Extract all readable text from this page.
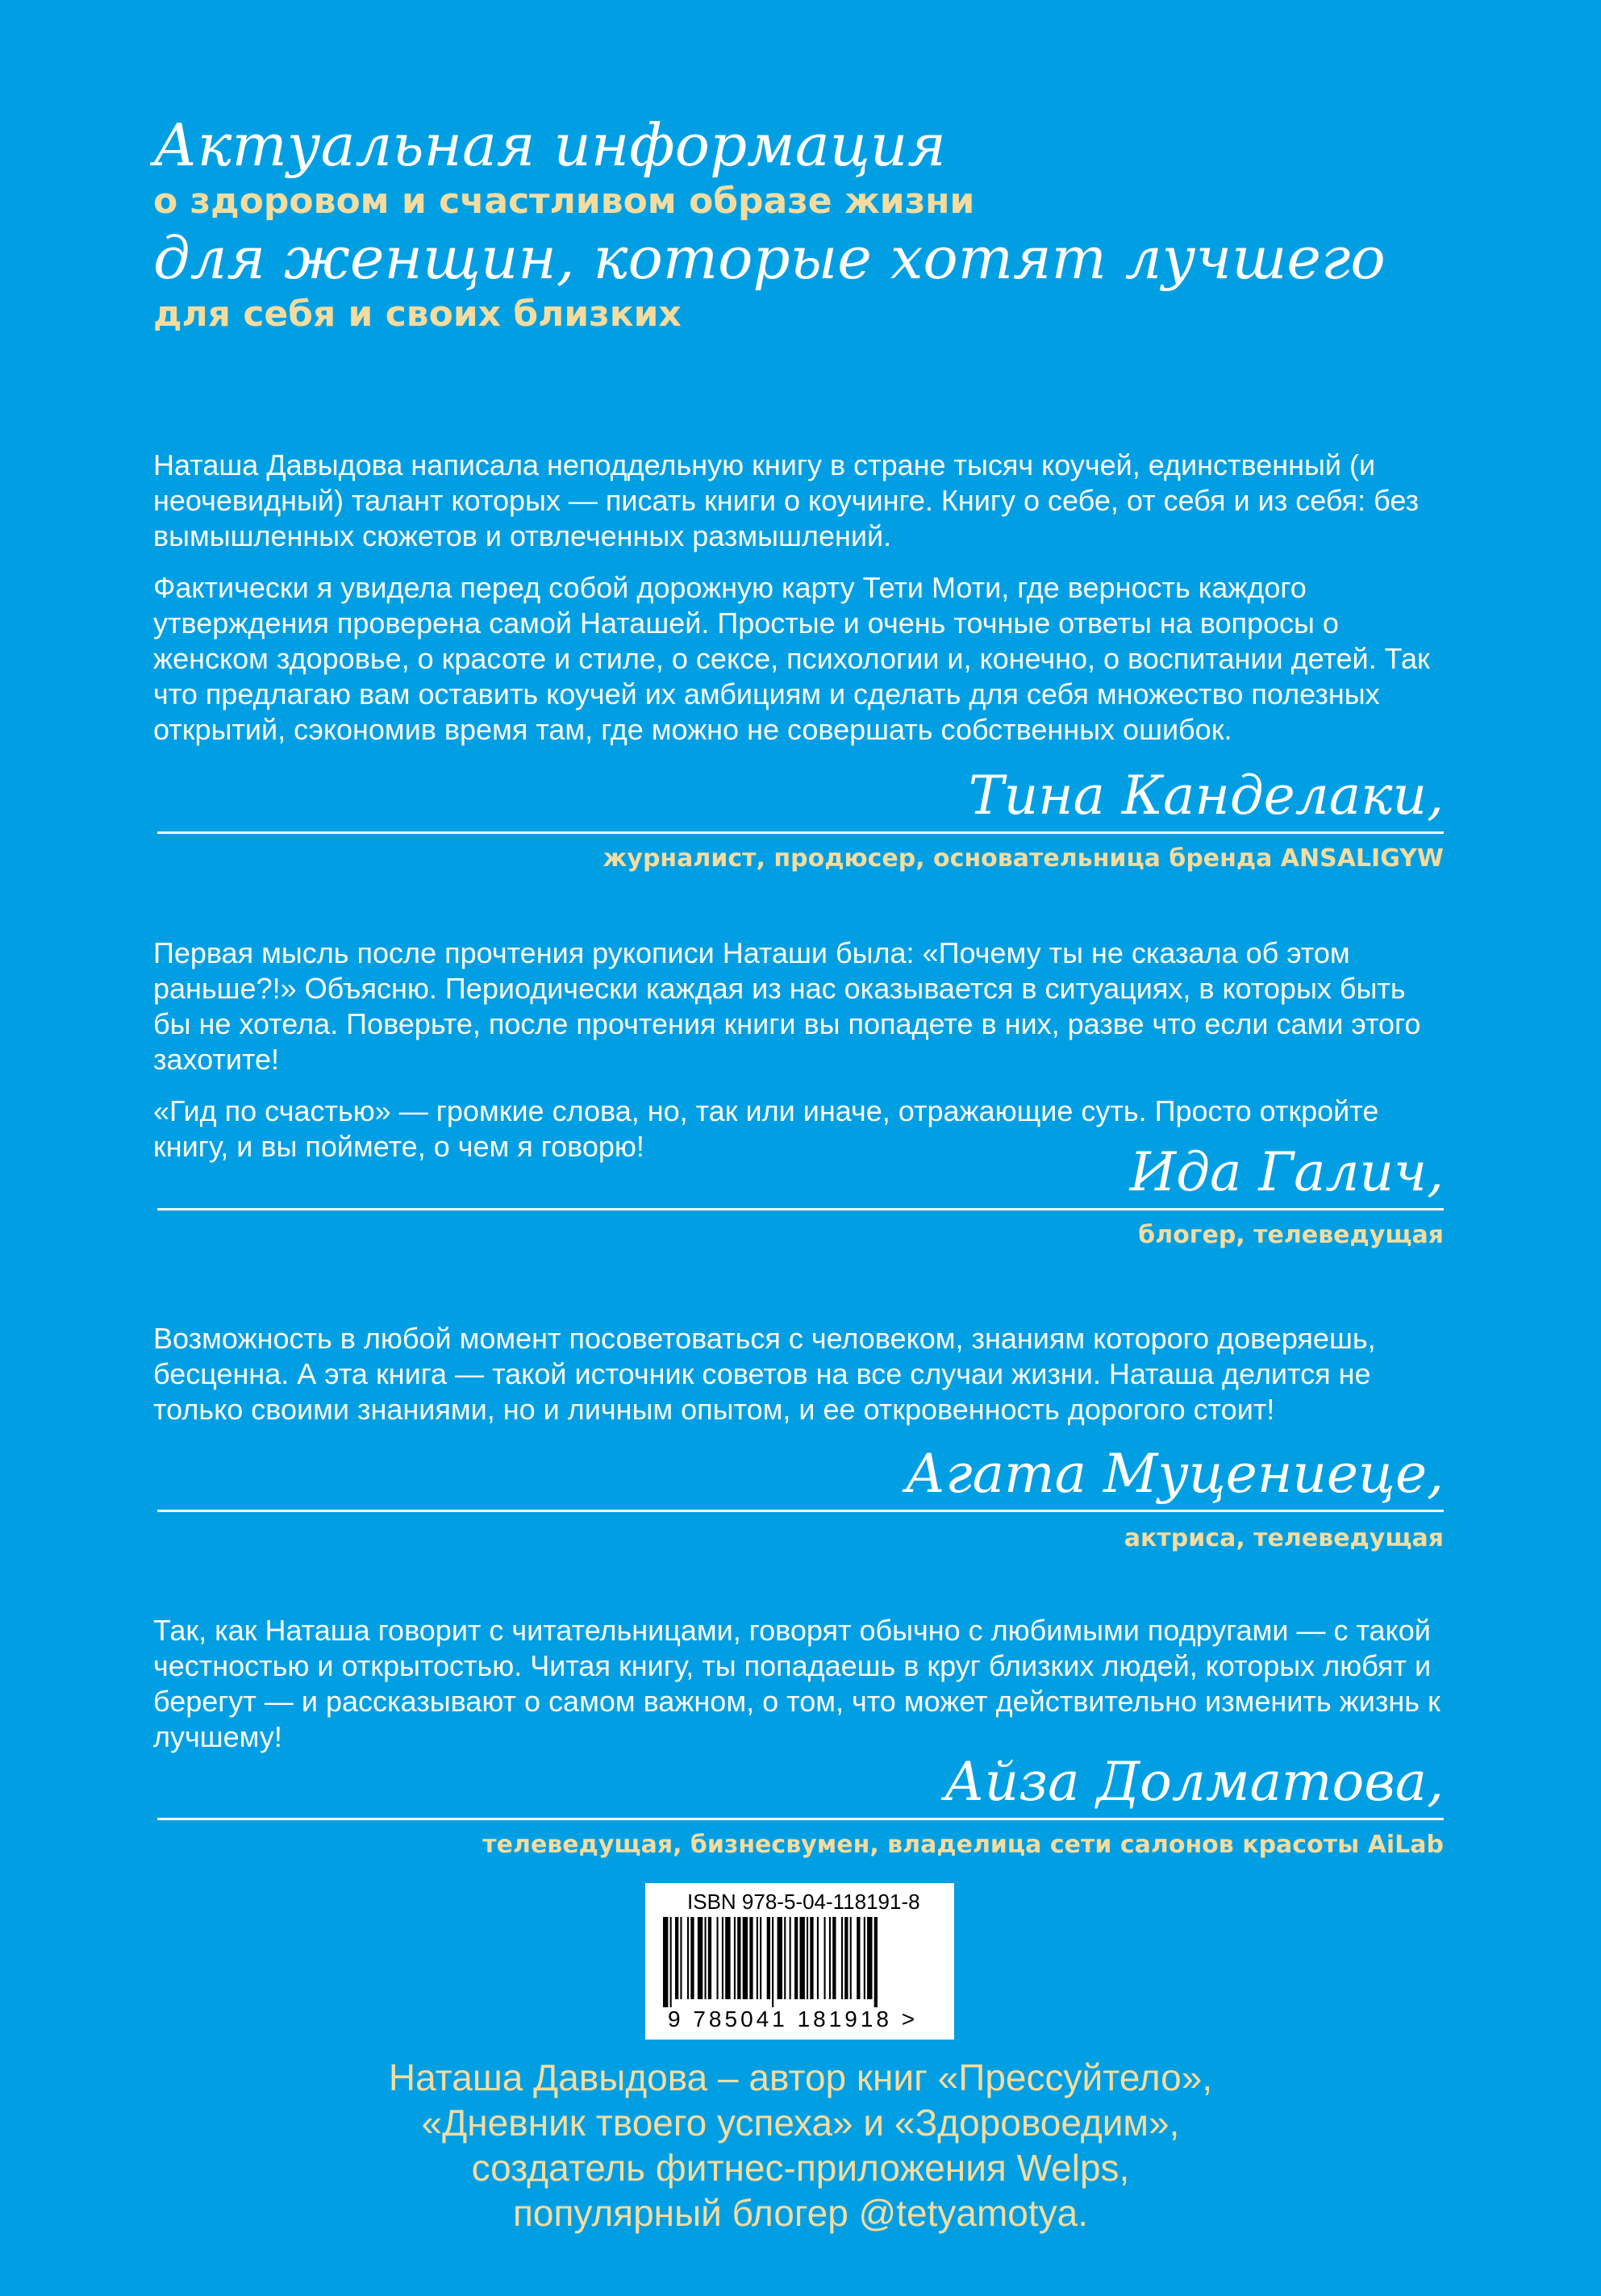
Актуальная информация
о здоровом и счастливом образе жизни
для женщин, которые хотят лучшего
для себя и своих близких

Наташа Давыдова написала неподдельную книгу в стране тысяч коучей, единственный (и неочевидный) талант которых — писать книги о коучинге. Книгу о себе, от себя и из себя: без вымышленных сюжетов и отвлеченных размышлений.

Фактически я увидела перед собой дорожную карту Тети Моти, где верность каждого утверждения проверена самой Наташей. Простые и очень точные ответы на вопросы о женском здоровье, о красоте и стиле, о сексе, психологии и, конечно, о воспитании детей. Так что предлагаю вам оставить коучей их амбициям и сделать для себя множество полезных открытий, сэкономив время там, где можно не совершать собственных ошибок.

Тина Канделаки,
журналист, продюсер, основательница бренда ANSALIGYW

Первая мысль после прочтения рукописи Наташи была: «Почему ты не сказала об этом раньше?!» Объясню. Периодически каждая из нас оказывается в ситуациях, в которых быть бы не хотела. Поверьте, после прочтения книги вы попадете в них, разве что если сами этого захотите!

«Гид по счастью» — громкие слова, но, так или иначе, отражающие суть. Просто откройте книгу, и вы поймете, о чем я говорю!	Ида Галич,
блогер, телеведущая

Возможность в любой момент посоветоваться с человеком, знаниям которого доверяешь, бесценна. А эта книга — такой источник советов на все случаи жизни. Наташа делится не только своими знаниями, но и личным опытом, и ее откровенность дорогого стоит!

Агата Муцениеце,
актриса, телеведущая

Так, как Наташа говорит с читательницами, говорят обычно с любимыми подругами — с такой честностью и открытостью. Читая книгу, ты попадаешь в круг близких людей, которых любят и берегут — и рассказывают о самом важном, о том, что может действительно изменить жизнь к лучшему!

Айза Долматова,
телеведущая, бизнесвумен, владелица сети салонов красоты AiLab
ISBN 978-5-04-118191-8
9 785041 181918 >
Наташа Давыдова – автор книг «Прессуйтело»,
«Дневник твоего успеха» и «Здоровоедим»,
создатель фитнес-приложения Welps,
популярный блогер @tetyamotya.
